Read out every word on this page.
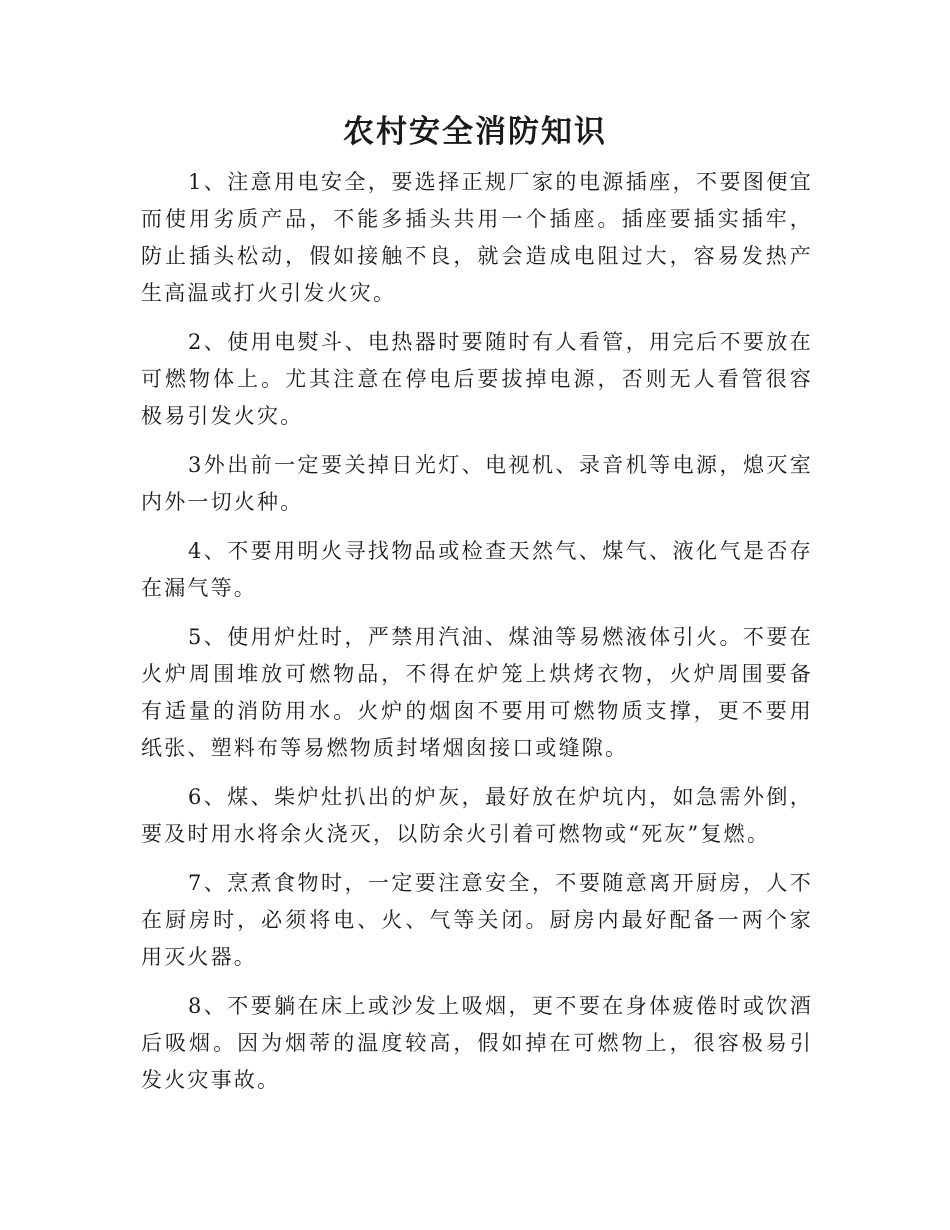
农村安全消防知识

1、注意用电安全，要选择正规厂家的电源插座，不要图便宜而使用劣质产品，不能多插头共用一个插座。插座要插实插牢，防止插头松动，假如接触不良，就会造成电阻过大，容易发热产生高温或打火引发火灾。

2、使用电熨斗、电热器时要随时有人看管，用完后不要放在可燃物体上。尤其注意在停电后要拔掉电源，否则无人看管很容极易引发火灾。

3外出前一定要关掉日光灯、电视机、录音机等电源，熄灭室内外一切火种。

4、不要用明火寻找物品或检查天然气、煤气、液化气是否存在漏气等。

5、使用炉灶时，严禁用汽油、煤油等易燃液体引火。不要在火炉周围堆放可燃物品，不得在炉笼上烘烤衣物，火炉周围要备有适量的消防用水。火炉的烟囱不要用可燃物质支撑，更不要用纸张、塑料布等易燃物质封堵烟囱接口或缝隙。

6、煤、柴炉灶扒出的炉灰，最好放在炉坑内，如急需外倒，要及时用水将余火浇灭，以防余火引着可燃物或“死灰”复燃。

7、烹煮食物时，一定要注意安全，不要随意离开厨房，人不在厨房时，必须将电、火、气等关闭。厨房内最好配备一两个家用灭火器。

8、不要躺在床上或沙发上吸烟，更不要在身体疲倦时或饮酒后吸烟。因为烟蒂的温度较高，假如掉在可燃物上，很容极易引发火灾事故。
